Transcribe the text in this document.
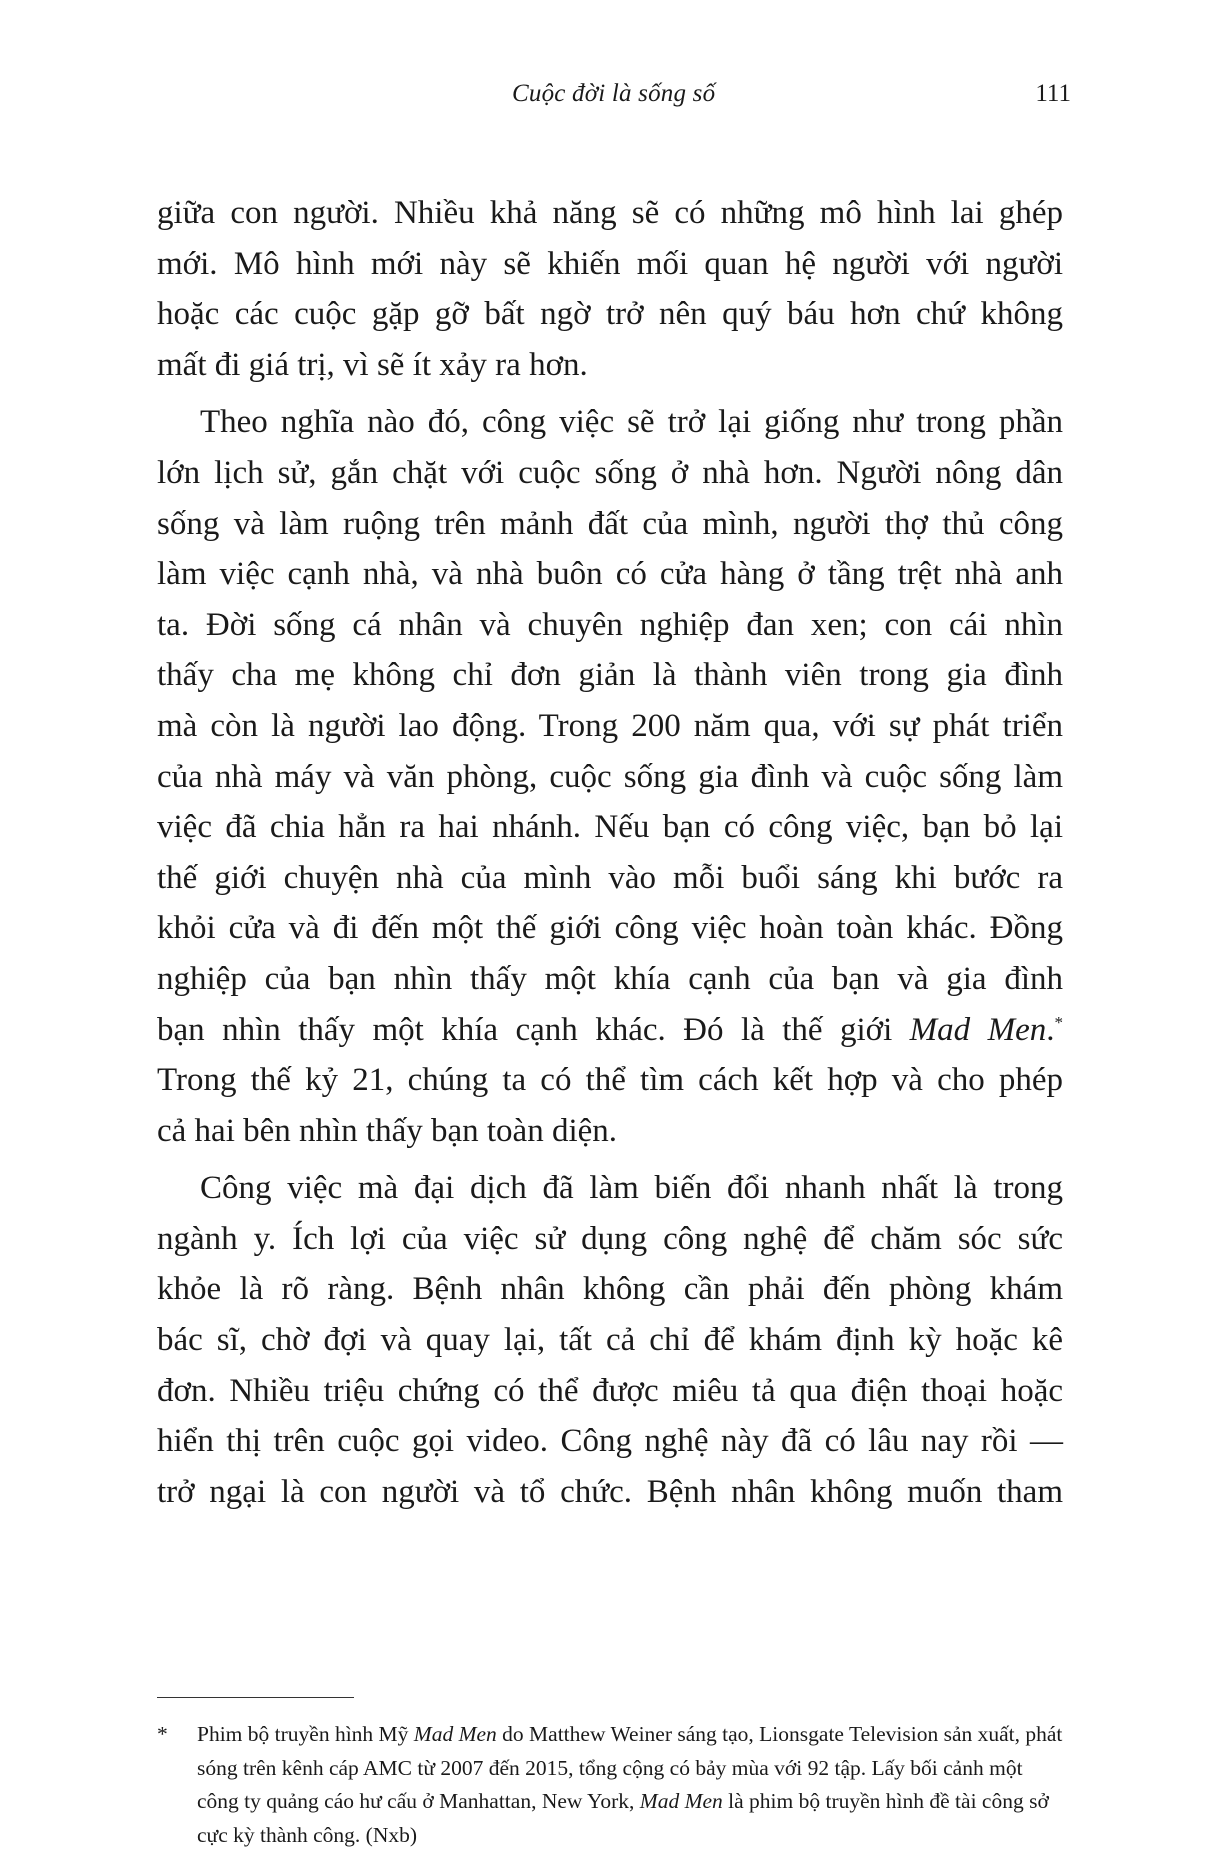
Cuộc đời là sống số	111

giữa con người. Nhiều khả năng sẽ có những mô hình lai ghép
mới. Mô hình mới này sẽ khiến mối quan hệ người với người
hoặc các cuộc gặp gỡ bất ngờ trở nên quý báu hơn chứ không
mất đi giá trị, vì sẽ ít xảy ra hơn.

Theo nghĩa nào đó, công việc sẽ trở lại giống như trong phần
lớn lịch sử, gắn chặt với cuộc sống ở nhà hơn. Người nông dân
sống và làm ruộng trên mảnh đất của mình, người thợ thủ công
làm việc cạnh nhà, và nhà buôn có cửa hàng ở tầng trệt nhà anh
ta. Đời sống cá nhân và chuyên nghiệp đan xen; con cái nhìn
thấy cha mẹ không chỉ đơn giản là thành viên trong gia đình
mà còn là người lao động. Trong 200 năm qua, với sự phát triển
của nhà máy và văn phòng, cuộc sống gia đình và cuộc sống làm
việc đã chia hẳn ra hai nhánh. Nếu bạn có công việc, bạn bỏ lại
thế giới chuyện nhà của mình vào mỗi buổi sáng khi bước ra
khỏi cửa và đi đến một thế giới công việc hoàn toàn khác. Đồng
nghiệp của bạn nhìn thấy một khía cạnh của bạn và gia đình
bạn nhìn thấy một khía cạnh khác. Đó là thế giới Mad Men.*
Trong thế kỷ 21, chúng ta có thể tìm cách kết hợp và cho phép
cả hai bên nhìn thấy bạn toàn diện.

Công việc mà đại dịch đã làm biến đổi nhanh nhất là trong
ngành y. Ích lợi của việc sử dụng công nghệ để chăm sóc sức
khỏe là rõ ràng. Bệnh nhân không cần phải đến phòng khám
bác sĩ, chờ đợi và quay lại, tất cả chỉ để khám định kỳ hoặc kê
đơn. Nhiều triệu chứng có thể được miêu tả qua điện thoại hoặc
hiển thị trên cuộc gọi video. Công nghệ này đã có lâu nay rồi —
trở ngại là con người và tổ chức. Bệnh nhân không muốn tham

* Phim bộ truyền hình Mỹ Mad Men do Matthew Weiner sáng tạo, Lionsgate Television sản xuất, phát sóng trên kênh cáp AMC từ 2007 đến 2015, tổng cộng có bảy mùa với 92 tập. Lấy bối cảnh một công ty quảng cáo hư cấu ở Manhattan, New York, Mad Men là phim bộ truyền hình đề tài công sở cực kỳ thành công. (Nxb)
